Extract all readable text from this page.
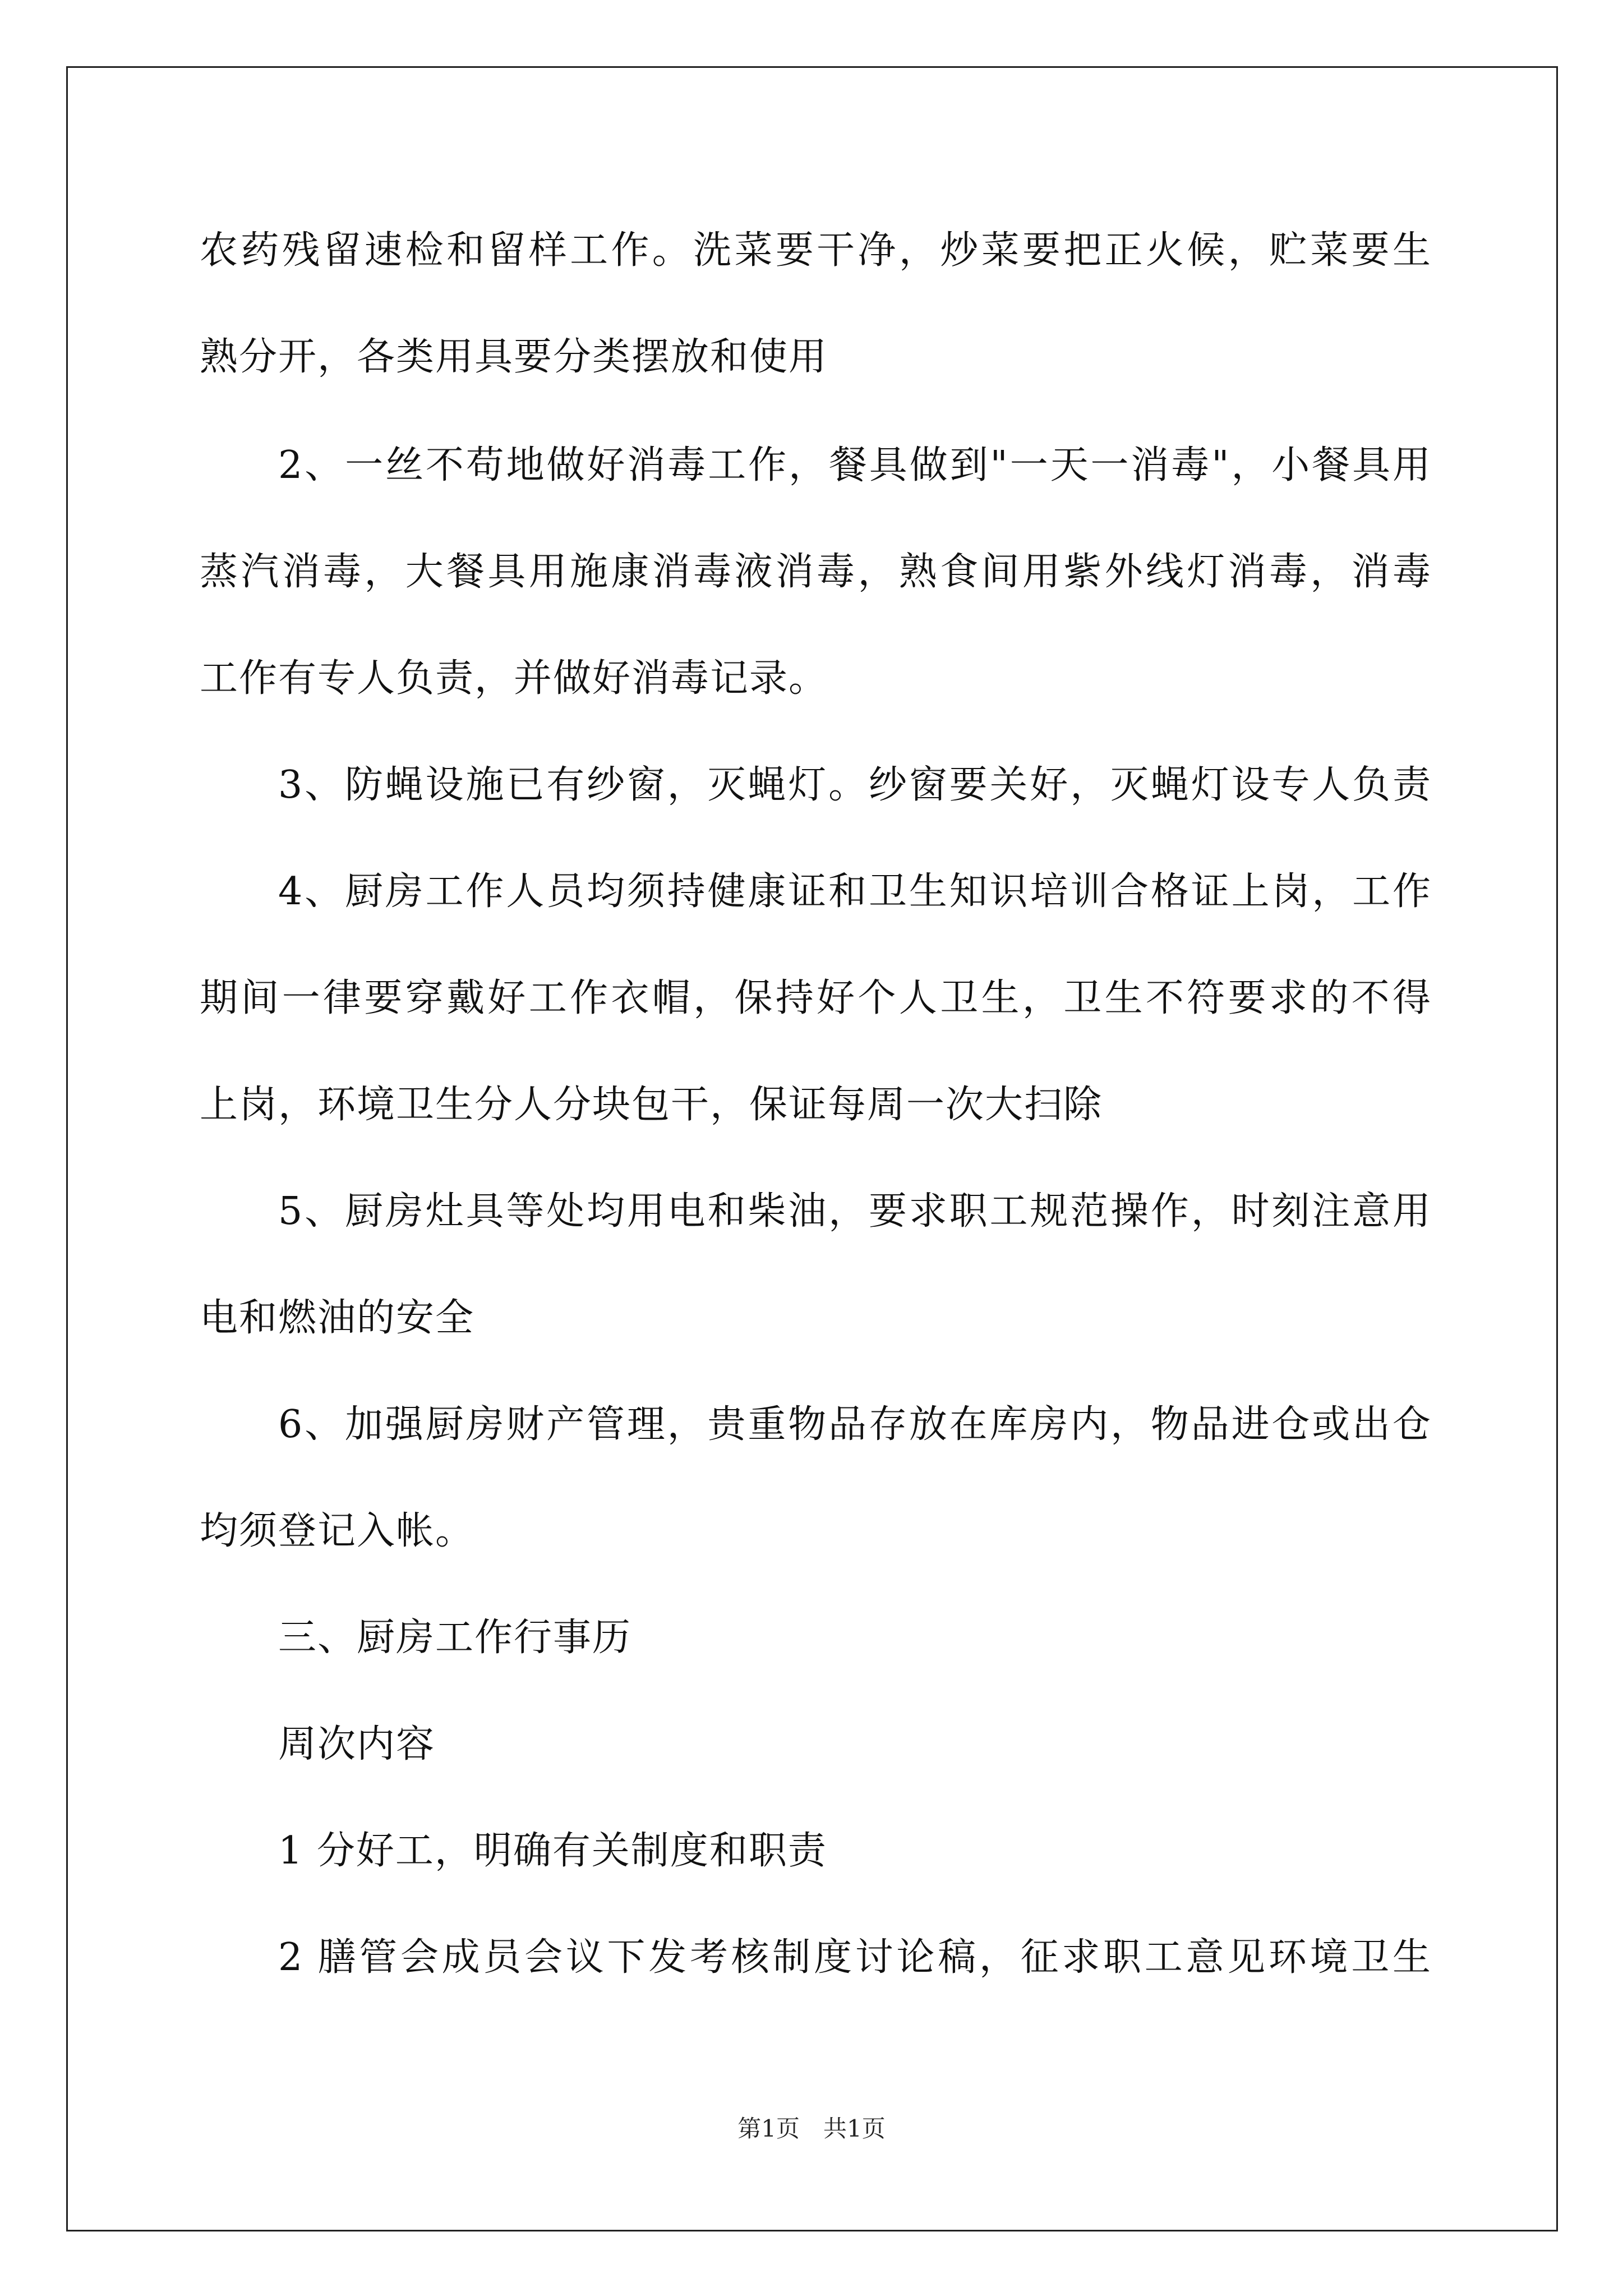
农药残留速检和留样工作。洗菜要干净，炒菜要把正火候，贮菜要生
熟分开，各类用具要分类摆放和使用
2、一丝不苟地做好消毒工作，餐具做到"一天一消毒"，小餐具用
蒸汽消毒，大餐具用施康消毒液消毒，熟食间用紫外线灯消毒，消毒
工作有专人负责，并做好消毒记录。
3、防蝇设施已有纱窗，灭蝇灯。纱窗要关好，灭蝇灯设专人负责
4、厨房工作人员均须持健康证和卫生知识培训合格证上岗，工作
期间一律要穿戴好工作衣帽，保持好个人卫生，卫生不符要求的不得
上岗，环境卫生分人分块包干，保证每周一次大扫除
5、厨房灶具等处均用电和柴油，要求职工规范操作，时刻注意用
电和燃油的安全
6、加强厨房财产管理，贵重物品存放在库房内，物品进仓或出仓
均须登记入帐。
三、厨房工作行事历
周次内容
1 分好工，明确有关制度和职责
2 膳管会成员会议下发考核制度讨论稿，征求职工意见环境卫生
第1页　共1页
